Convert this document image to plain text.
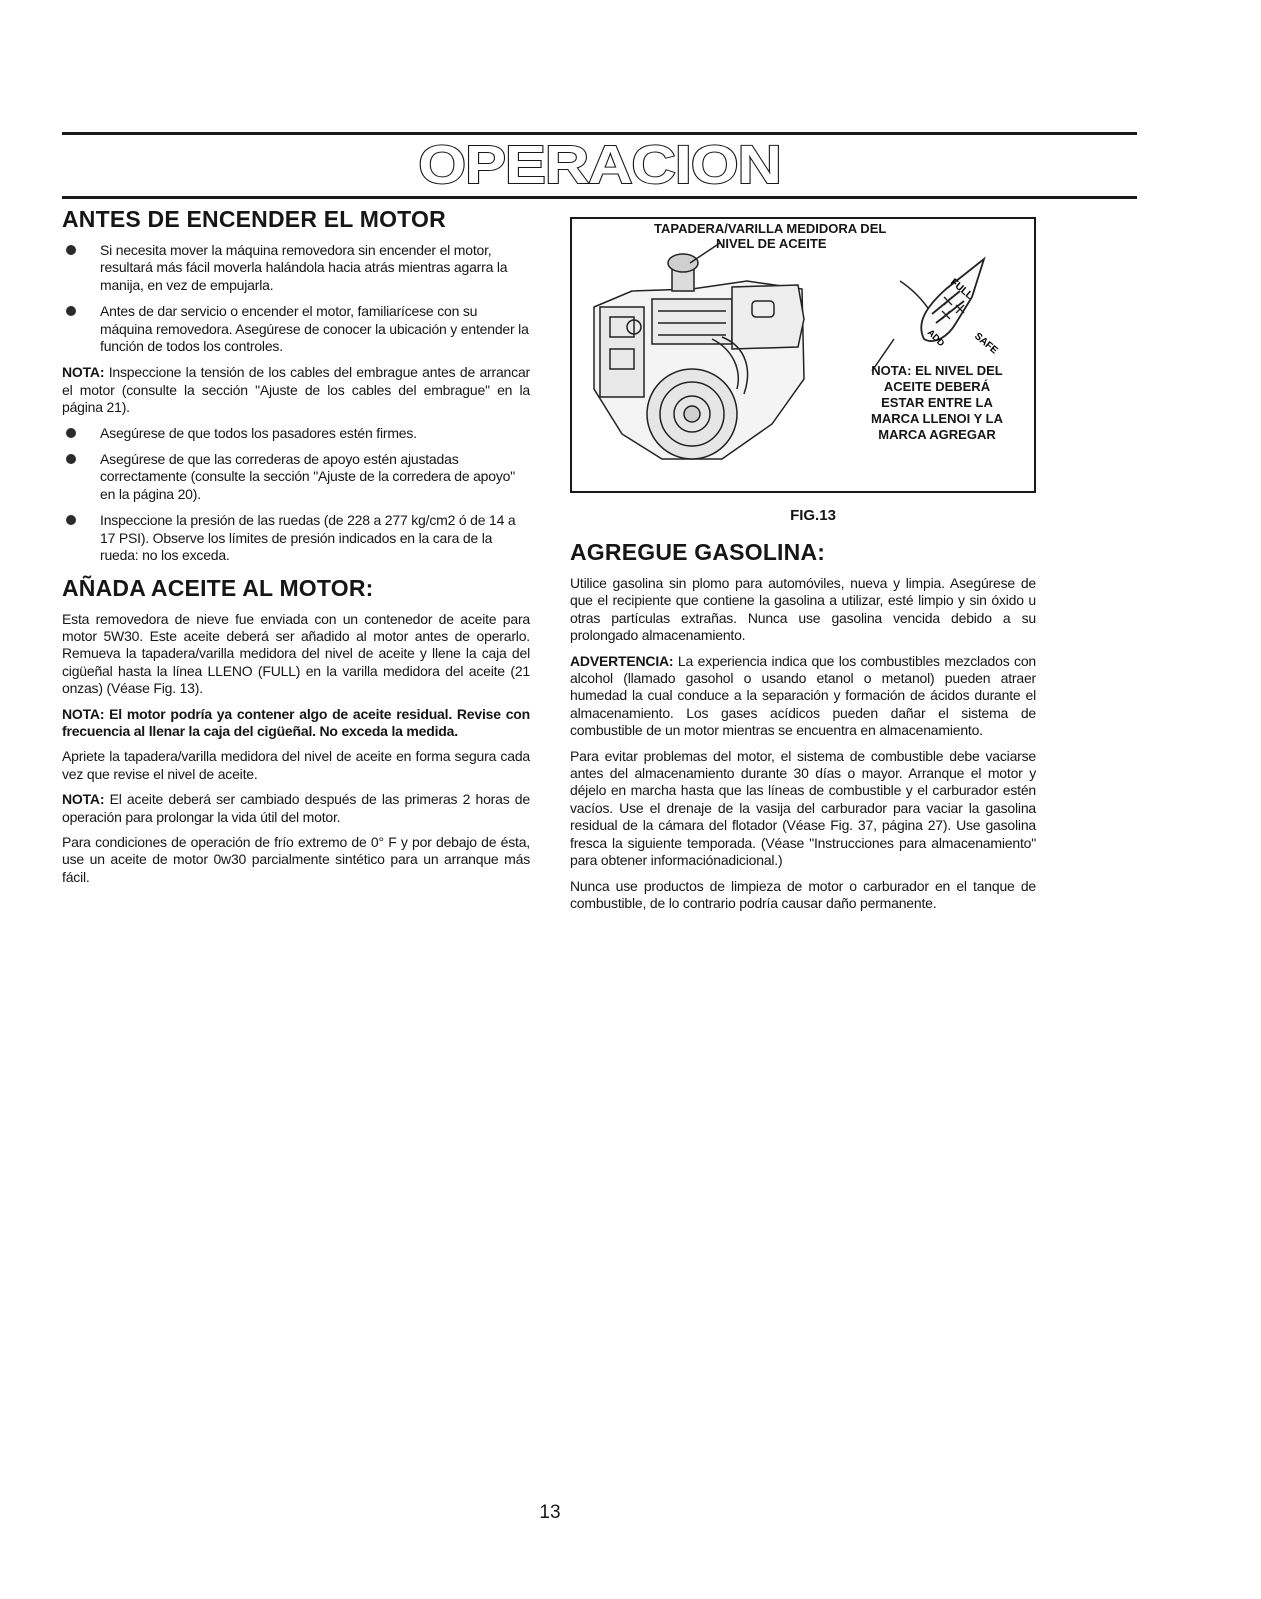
OPERACION
ANTES DE ENCENDER EL MOTOR
Si necesita mover la máquina removedora sin encender el motor, resultará más fácil moverla halándola hacia atrás mientras agarra la manija, en vez de empujarla.
Antes de dar servicio o encender el motor, familiarícese con su máquina removedora. Asegúrese de conocer la ubicación y entender la función de todos los controles.

NOTA: Inspeccione la tensión de los cables del embrague antes de arrancar el motor (consulte la sección "Ajuste de los cables del embrague" en la página 21).

Asegúrese de que todos los pasadores estén firmes.
Asegúrese de que las correderas de apoyo estén ajustadas correctamente (consulte la sección "Ajuste de la corredera de apoyo" en la página 20).
Inspeccione la presión de las ruedas (de 228 a 277 kg/cm2 ó de 14 a 17 PSI). Observe los límites de presión indicados en la cara de la rueda: no los exceda.
AÑADA ACEITE AL MOTOR:

Esta removedora de nieve fue enviada con un contenedor de aceite para motor 5W30. Este aceite deberá ser añadido al motor antes de operarlo. Remueva la tapadera/varilla medidora del nivel de aceite y llene la caja del cigüeñal hasta la línea LLENO (FULL) en la varilla medidora del aceite (21 onzas) (Véase Fig. 13).

NOTA: El motor podría ya contener algo de aceite residual. Revise con frecuencia al llenar la caja del cigüeñal. No exceda la medida.

Apriete la tapadera/varilla medidora del nivel de aceite en forma segura cada vez que revise el nivel de aceite.

NOTA: El aceite deberá ser cambiado después de las primeras 2 horas de operación para prolongar la vida útil del motor.

Para condiciones de operación de frío extremo de 0° F y por debajo de ésta, use un aceite de motor 0w30 parcialmente sintético para un arranque más fácil.

FULL
ADD	SAFE
TAPADERA/VARILLA MEDIDORA DEL
NIVEL DE ACEITE
NOTA: EL NIVEL DEL
ACEITE DEBERÁ
ESTAR ENTRE LA
MARCA LLENOI Y LA
MARCA AGREGAR
FIG.13
AGREGUE GASOLINA:

Utilice gasolina sin plomo para automóviles, nueva y limpia. Asegúrese de que el recipiente que contiene la gasolina a utilizar, esté limpio y sin óxido u otras partículas extrañas. Nunca use gasolina vencida debido a su prolongado almacenamiento.

ADVERTENCIA: La experiencia indica que los combustibles mezclados con alcohol (llamado gasohol o usando etanol o metanol) pueden atraer humedad la cual conduce a la separación y formación de ácidos durante el almacenamiento. Los gases acídicos pueden dañar el sistema de combustible de un motor mientras se encuentra en almacenamiento.

Para evitar problemas del motor, el sistema de combustible debe vaciarse antes del almacenamiento durante 30 días o mayor. Arranque el motor y déjelo en marcha hasta que las líneas de combustible y el carburador estén vacíos. Use el drenaje de la vasija del carburador para vaciar la gasolina residual de la cámara del flotador (Véase Fig. 37, página 27). Use gasolina fresca la siguiente temporada. (Véase "Instrucciones para almacenamiento" para obtener informaciónadicional.)

Nunca use productos de limpieza de motor o carburador en el tanque de combustible, de lo contrario podría causar daño permanente.

13
